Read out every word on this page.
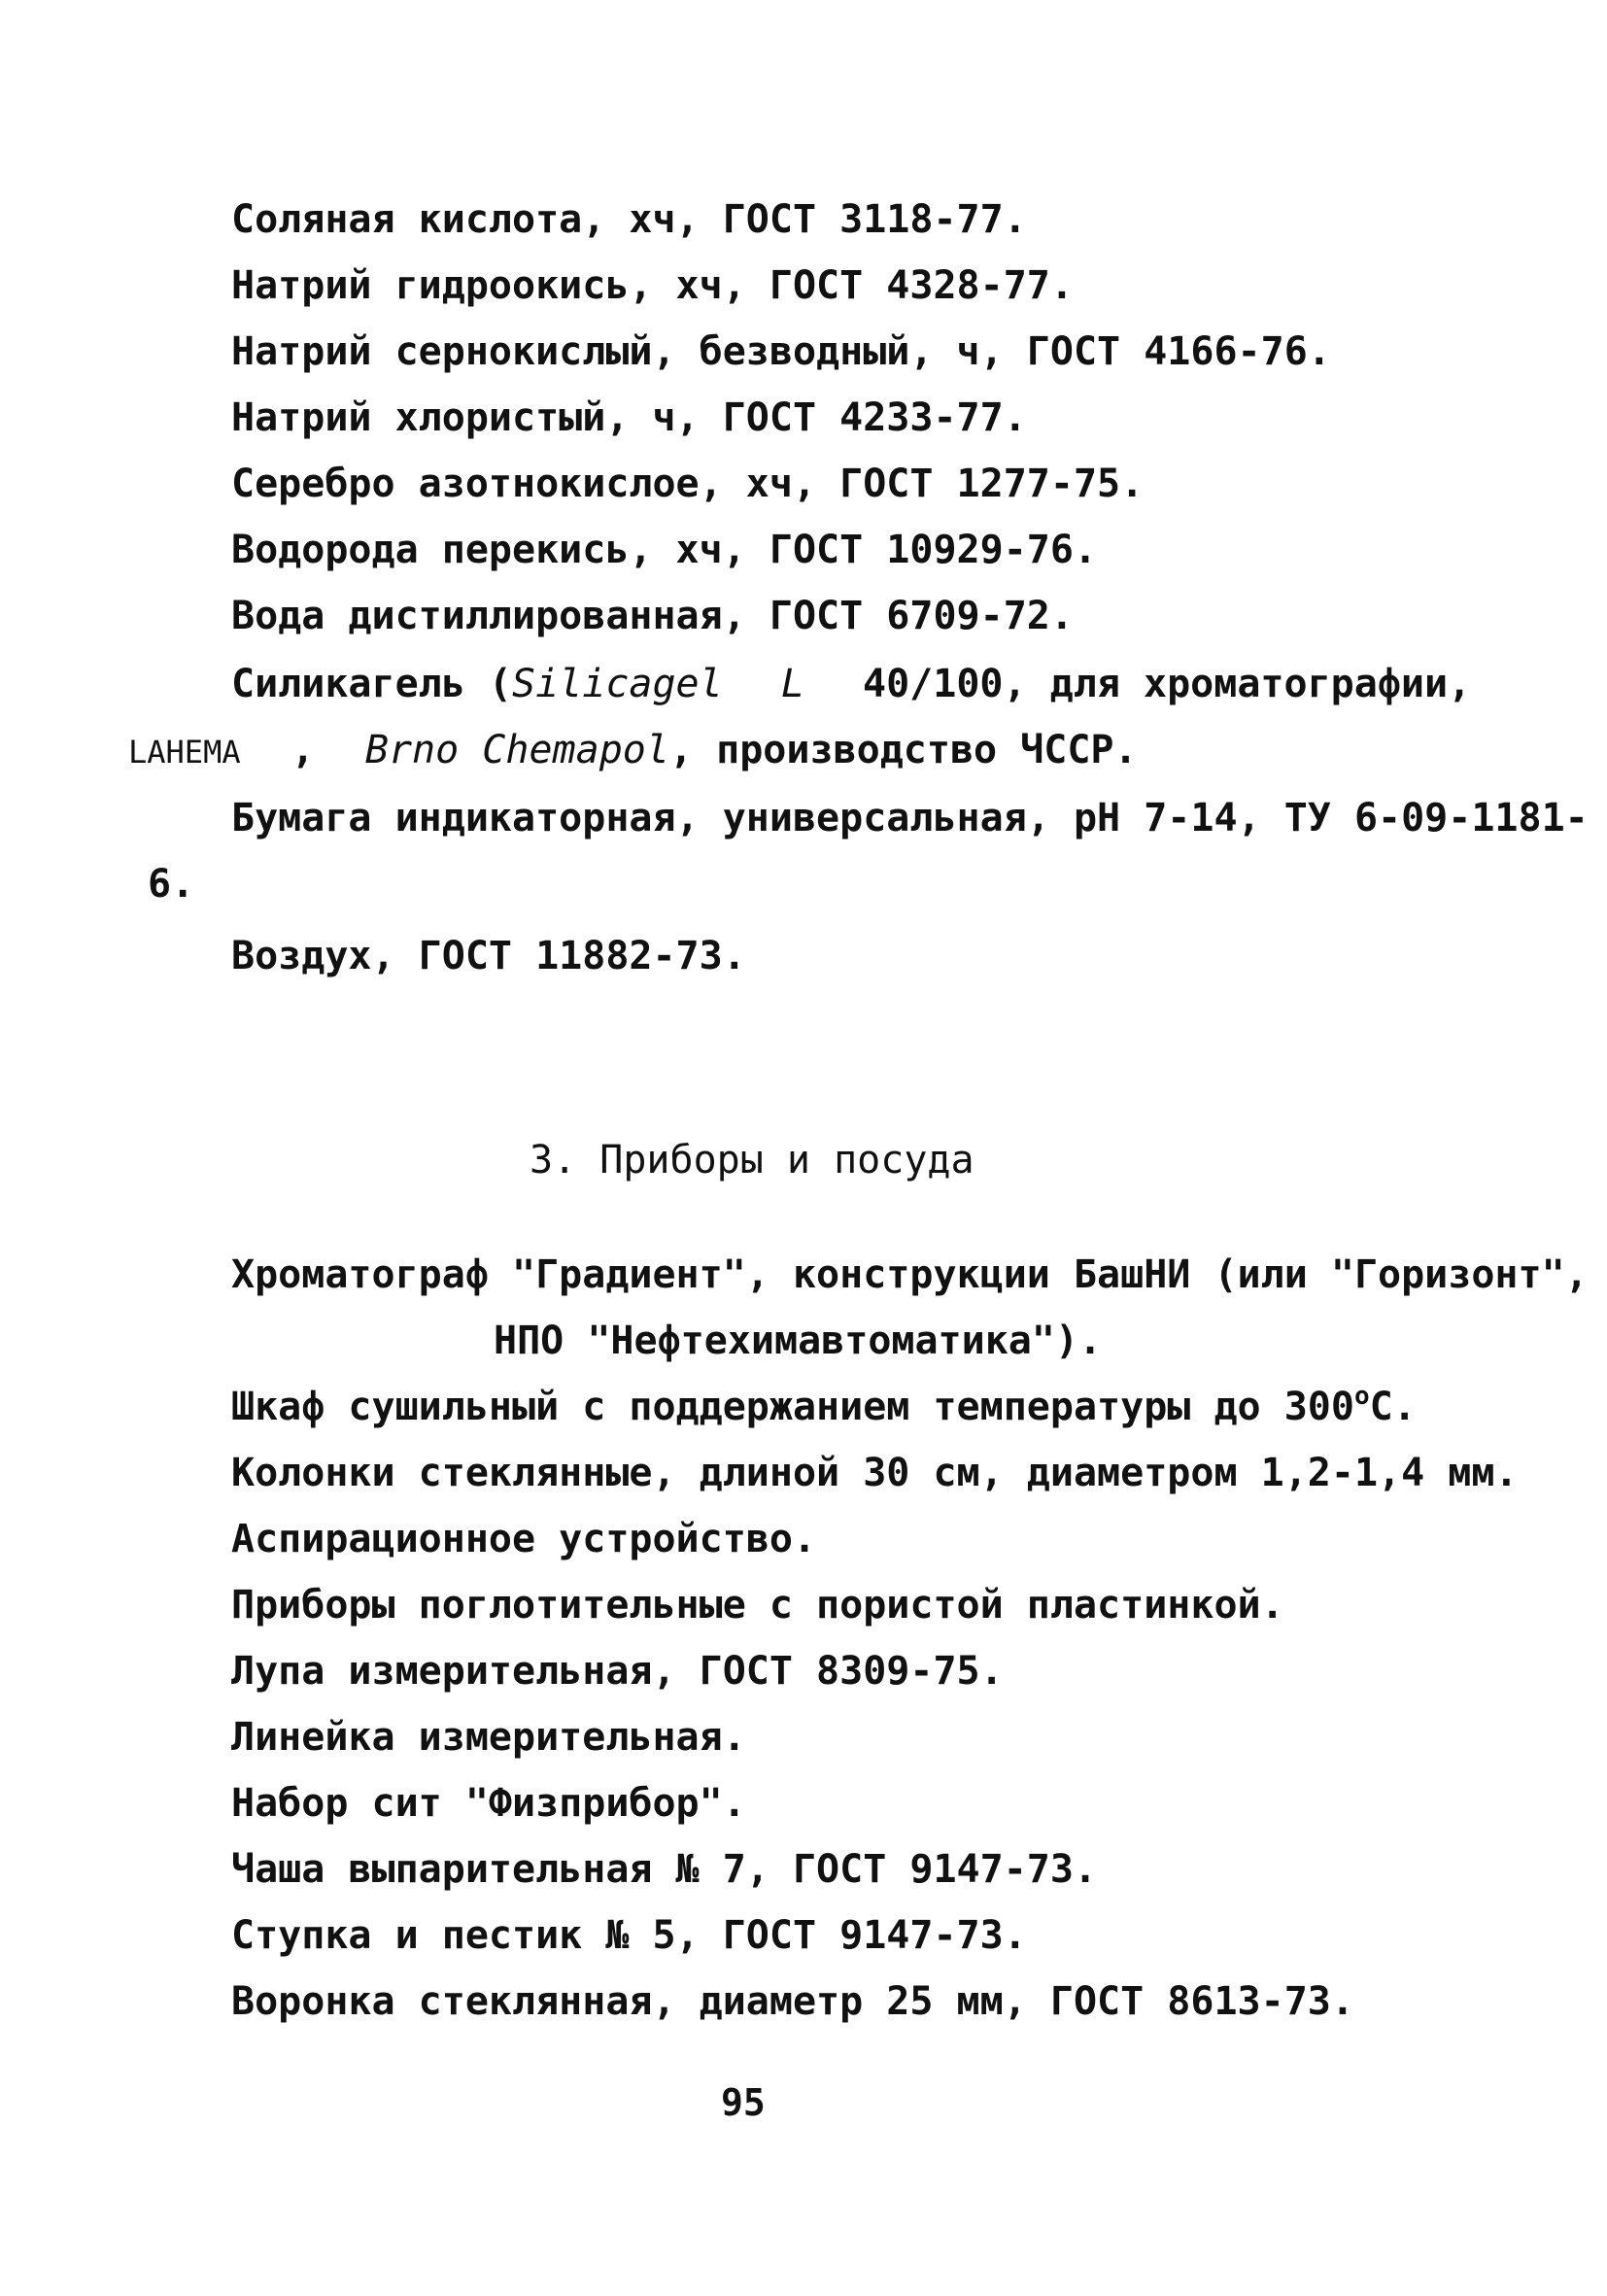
Соляная кислота, хч, ГОСТ 3118-77.
Натрий гидроокись, хч, ГОСТ 4328-77.
Натрий сернокислый, безводный, ч, ГОСТ 4166-76.
Натрий хлористый, ч, ГОСТ 4233-77.
Серебро азотнокислое, хч, ГОСТ 1277-75.
Водорода перекись, хч, ГОСТ 10929-76.
Вода дистиллированная, ГОСТ 6709-72.
Силикагель (Silicagel L 40/100, для хроматографии,
LAHEMA , Brno Chemapol, производство ЧССР.
Бумага индикаторная, универсальная, рН 7-14, ТУ 6-09-1181-
6.
Воздух, ГОСТ 11882-73.
3. Приборы и посуда
Хроматограф "Градиент", конструкции БашНИ (или "Горизонт",
НПО "Нефтехимавтоматика").
Шкаф сушильный с поддержанием температуры до 300$^o$С.
Колонки стеклянные, длиной 30 см, диаметром 1,2-1,4 мм.
Аспирационное устройство.
Приборы поглотительные с пористой пластинкой.
Лупа измерительная, ГОСТ 8309-75.
Линейка измерительная.
Набор сит "Физприбор".
Чаша выпарительная № 7, ГОСТ 9147-73.
Ступка и пестик № 5, ГОСТ 9147-73.
Воронка стеклянная, диаметр 25 мм, ГОСТ 8613-73.
95
